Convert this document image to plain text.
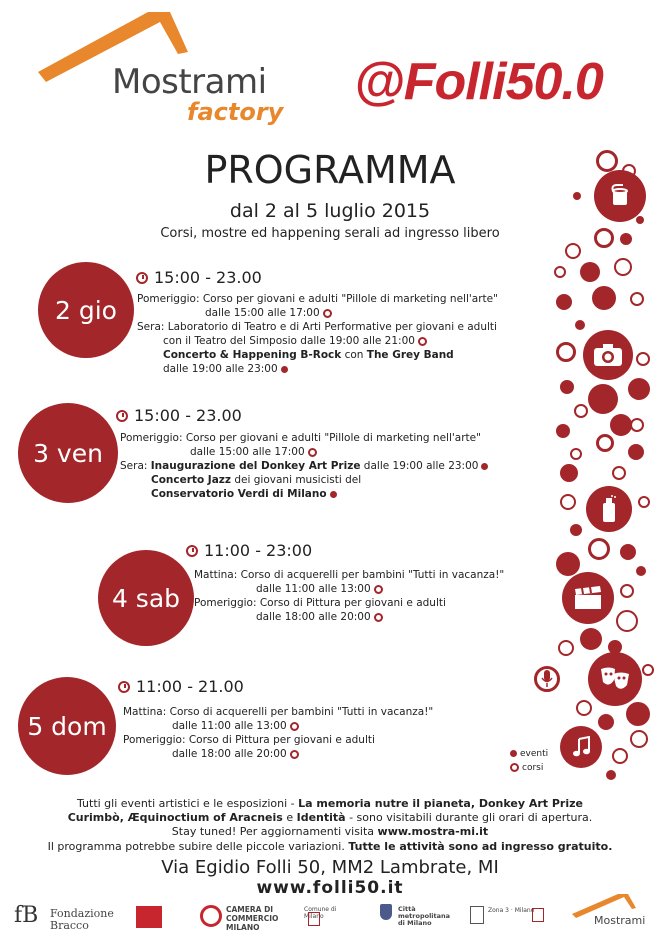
Mostrami
factory
@Folli50.0
PROGRAMMA
dal 2 al 5 luglio 2015
Corsi, mostre ed happening serali ad ingresso libero
2 gio
15:00 - 23.00
Pomeriggio: Corso per giovani e adulti "Pillole di marketing nell'arte"
dalle 15:00 alle 17:00
Sera: Laboratorio di Teatro e di Arti Performative per giovani e adulti
con il Teatro del Simposio dalle 19:00 alle 21:00
Concerto & Happening B-Rock con The Grey Band
dalle 19:00 alle 23:00
3 ven
15:00 - 23.00
Pomeriggio: Corso per giovani e adulti "Pillole di marketing nell'arte"
dalle 15:00 alle 17:00
Sera: Inaugurazione del Donkey Art Prize dalle 19:00 alle 23:00
Concerto Jazz dei giovani musicisti del
Conservatorio Verdi di Milano
4 sab
11:00 - 23:00
Mattina: Corso di acquerelli per bambini "Tutti in vacanza!"
dalle 11:00 alle 13:00
Pomeriggio: Corso di Pittura per giovani e adulti
dalle 18:00 alle 20:00
5 dom
11:00 - 21.00
Mattina: Corso di acquerelli per bambini "Tutti in vacanza!"
dalle 11:00 alle 13:00
Pomeriggio: Corso di Pittura per giovani e adulti
dalle 18:00 alle 20:00	eventi
corsi
Tutti gli eventi artistici e le esposizioni - La memoria nutre il pianeta, Donkey Art Prize
Curimbò, Æquinoctium of Aracneis e Identità - sono visitabili durante gli orari di apertura.
Stay tuned! Per aggiornamenti visita www.mostra-mi.it
Il programma potrebbe subire delle piccole variazioni. Tutte le attività sono ad ingresso gratuito.
Via Egidio Folli 50, MM2 Lambrate, MI
www.folli50.it
fB Fondazione
Bracco
CAMERA DI
COMMERCIO
MILANO
Comune di Milano
Città
metropolitana
di Milano
Zona 3 · Milano
Mostrami
